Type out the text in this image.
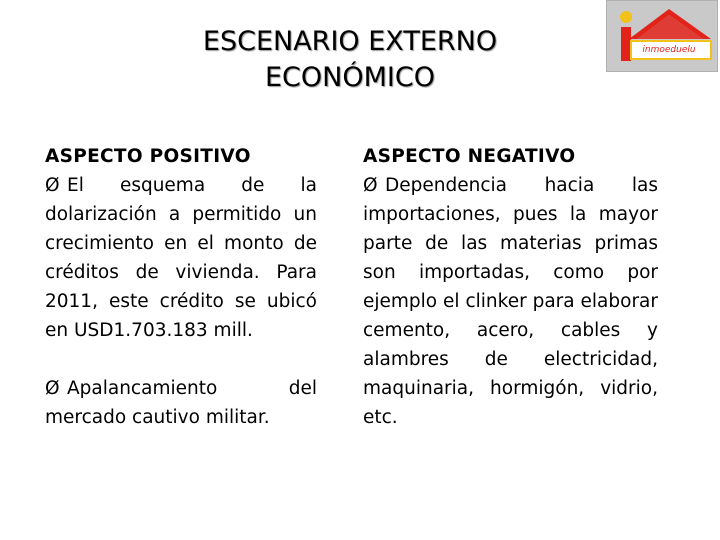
ESCENARIO EXTERNO
ECONÓMICO
inmoeduelu
ASPECTO POSITIVO
Ø El esquema de la dolarización a permitido un crecimiento en el monto de créditos de vivienda. Para 2011, este crédito se ubicó en USD1.703.183 mill.
Ø Apalancamiento del mercado cautivo militar.
ASPECTO NEGATIVO
Ø Dependencia hacia las importaciones, pues la mayor parte de las materias primas son importadas, como por ejemplo el clinker para elaborar cemento, acero, cables y alambres de electricidad, maquinaria, hormigón, vidrio, etc.
